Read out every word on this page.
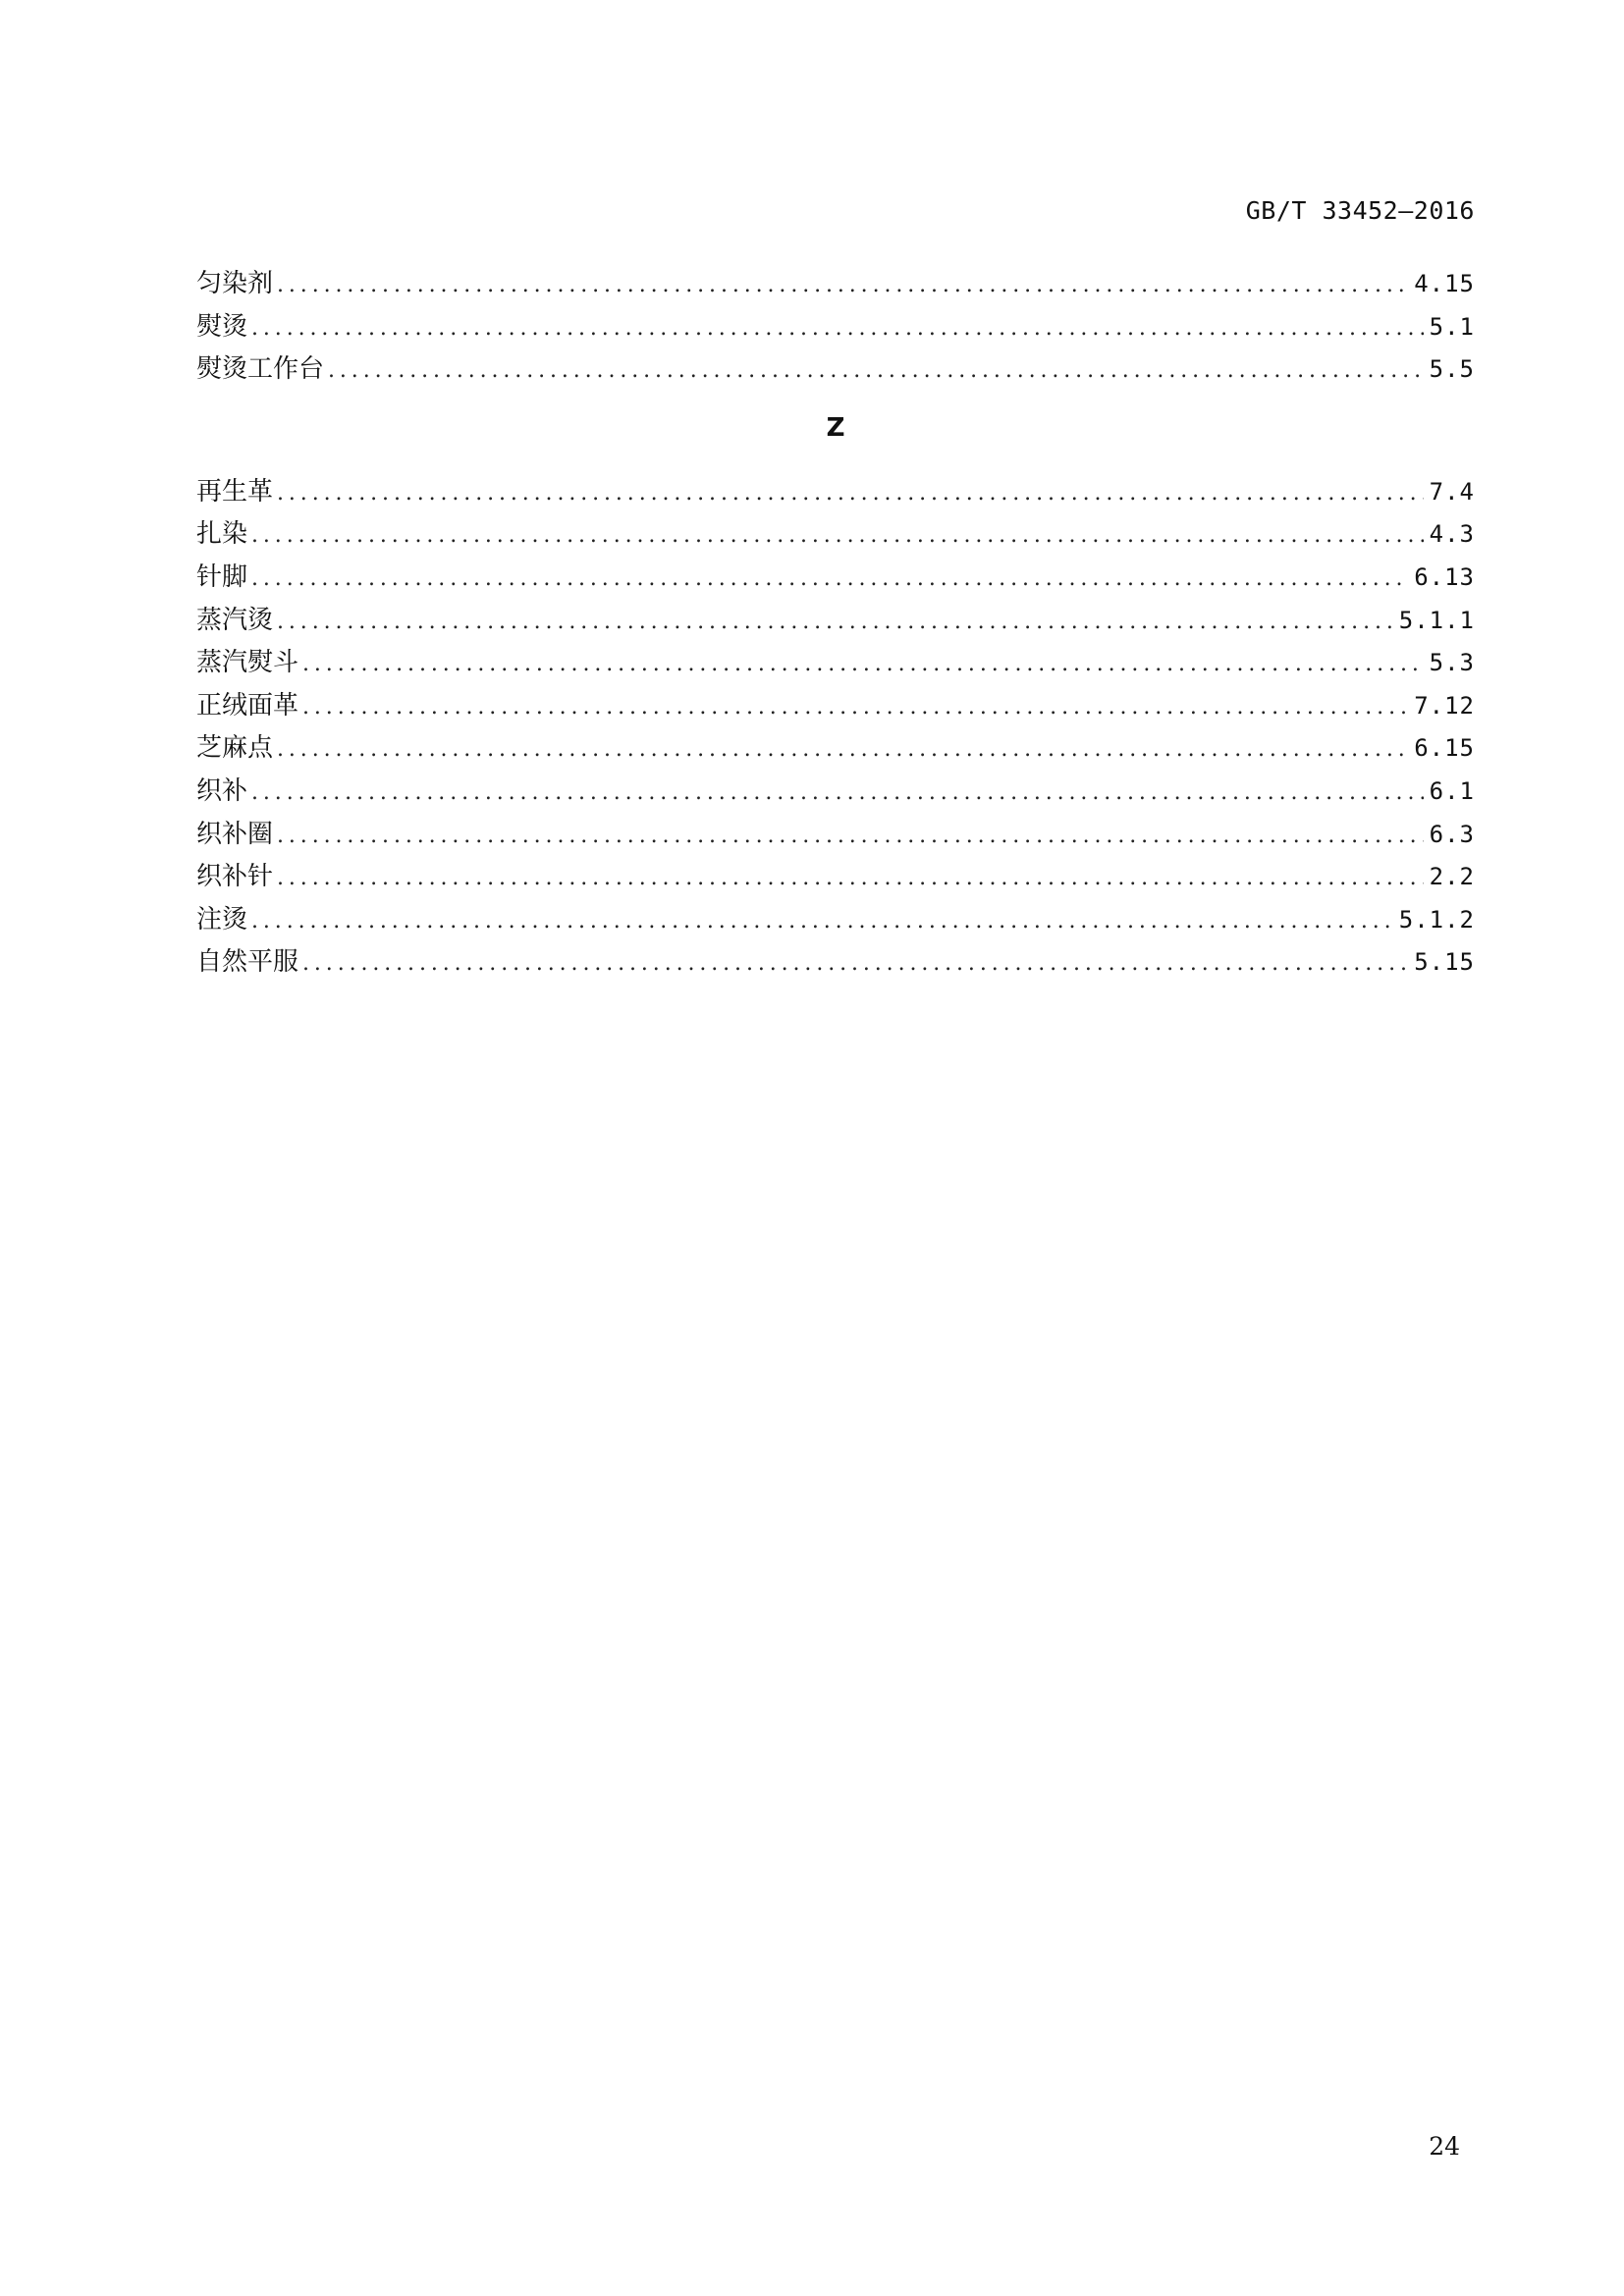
GB/T 33452—2016
匀染剂 .....	4.15
熨烫 .....	5.1
熨烫工作台 .....	5.5
Z
再生革 .....	7.4
扎染 .....	4.3
针脚 .....	6.13
蒸汽烫 .....	5.1.1
蒸汽熨斗 .....	5.3
正绒面革 .....	7.12
芝麻点 .....	6.15
织补 .....	6.1
织补圈 .....	6.3
织补针 .....	2.2
注烫 .....	5.1.2
自然平服 .....	5.15
24
